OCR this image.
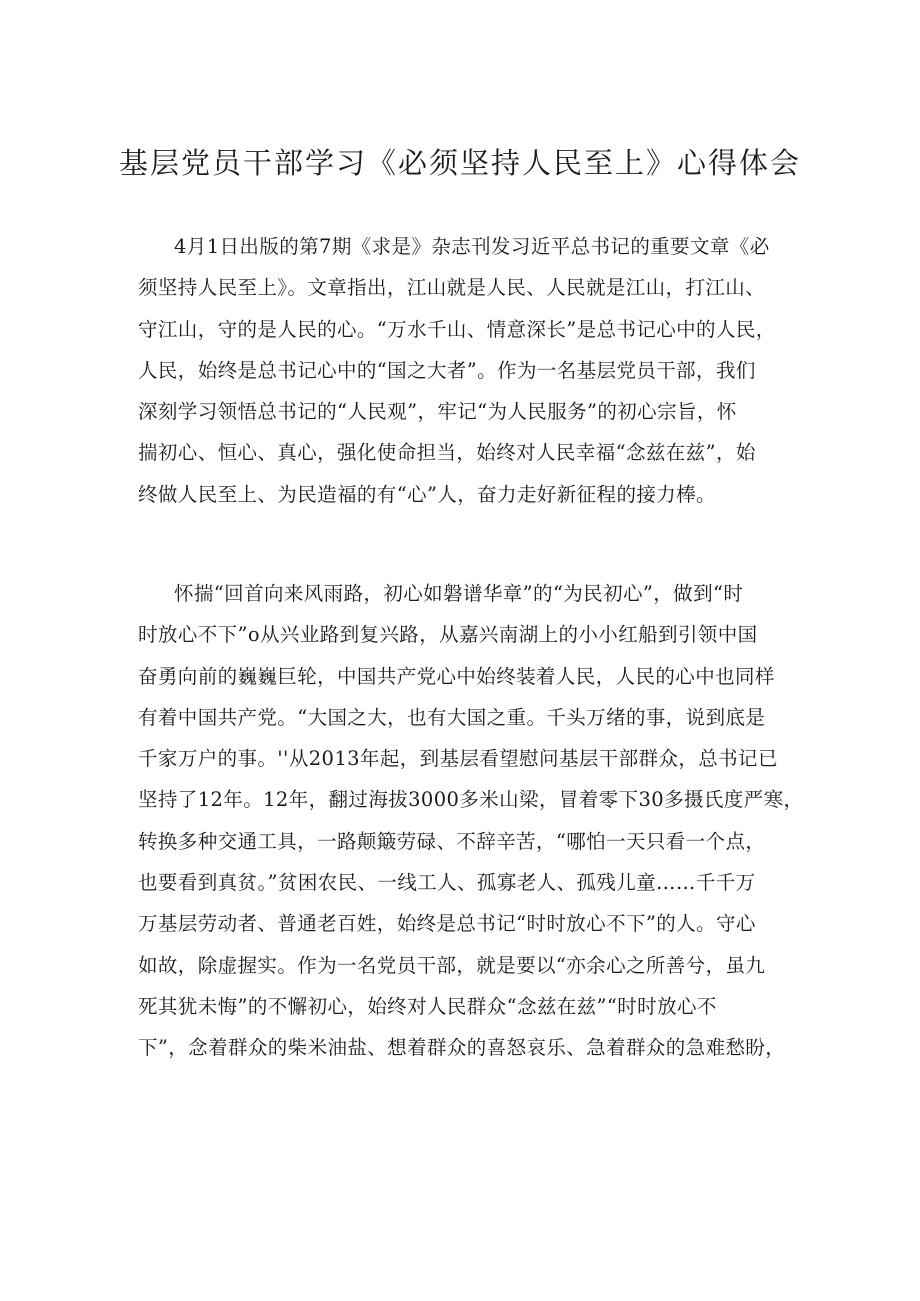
基层党员干部学习《必须坚持人民至上》心得体会
4月1日出版的第7期《求是》杂志刊发习近平总书记的重要文章《必
须坚持人民至上》。文章指出，江山就是人民、人民就是江山，打江山、
守江山，守的是人民的心。“万水千山、情意深长”是总书记心中的人民，
人民，始终是总书记心中的“国之大者”。作为一名基层党员干部，我们
深刻学习领悟总书记的“人民观”，牢记“为人民服务”的初心宗旨，怀
揣初心、恒心、真心，强化使命担当，始终对人民幸福“念兹在兹”，始
终做人民至上、为民造福的有“心”人，奋力走好新征程的接力棒。
怀揣“回首向来风雨路，初心如磐谱华章”的“为民初心”，做到“时
时放心不下”o从兴业路到复兴路，从嘉兴南湖上的小小红船到引领中国
奋勇向前的巍巍巨轮，中国共产党心中始终装着人民，人民的心中也同样
有着中国共产党。“大国之大，也有大国之重。千头万绪的事，说到底是
千家万户的事。''从2013年起，到基层看望慰问基层干部群众，总书记已
坚持了12年。12年，翻过海拔3000多米山梁，冒着零下30多摄氏度严寒，
转换多种交通工具，一路颠簸劳碌、不辞辛苦，“哪怕一天只看一个点，
也要看到真贫。”贫困农民、一线工人、孤寡老人、孤残儿童……千千万
万基层劳动者、普通老百姓，始终是总书记“时时放心不下”的人。守心
如故，除虚握实。作为一名党员干部，就是要以“亦余心之所善兮，虽九
死其犹未悔”的不懈初心，始终对人民群众“念兹在兹”“时时放心不
下”，念着群众的柴米油盐、想着群众的喜怒哀乐、急着群众的急难愁盼，
